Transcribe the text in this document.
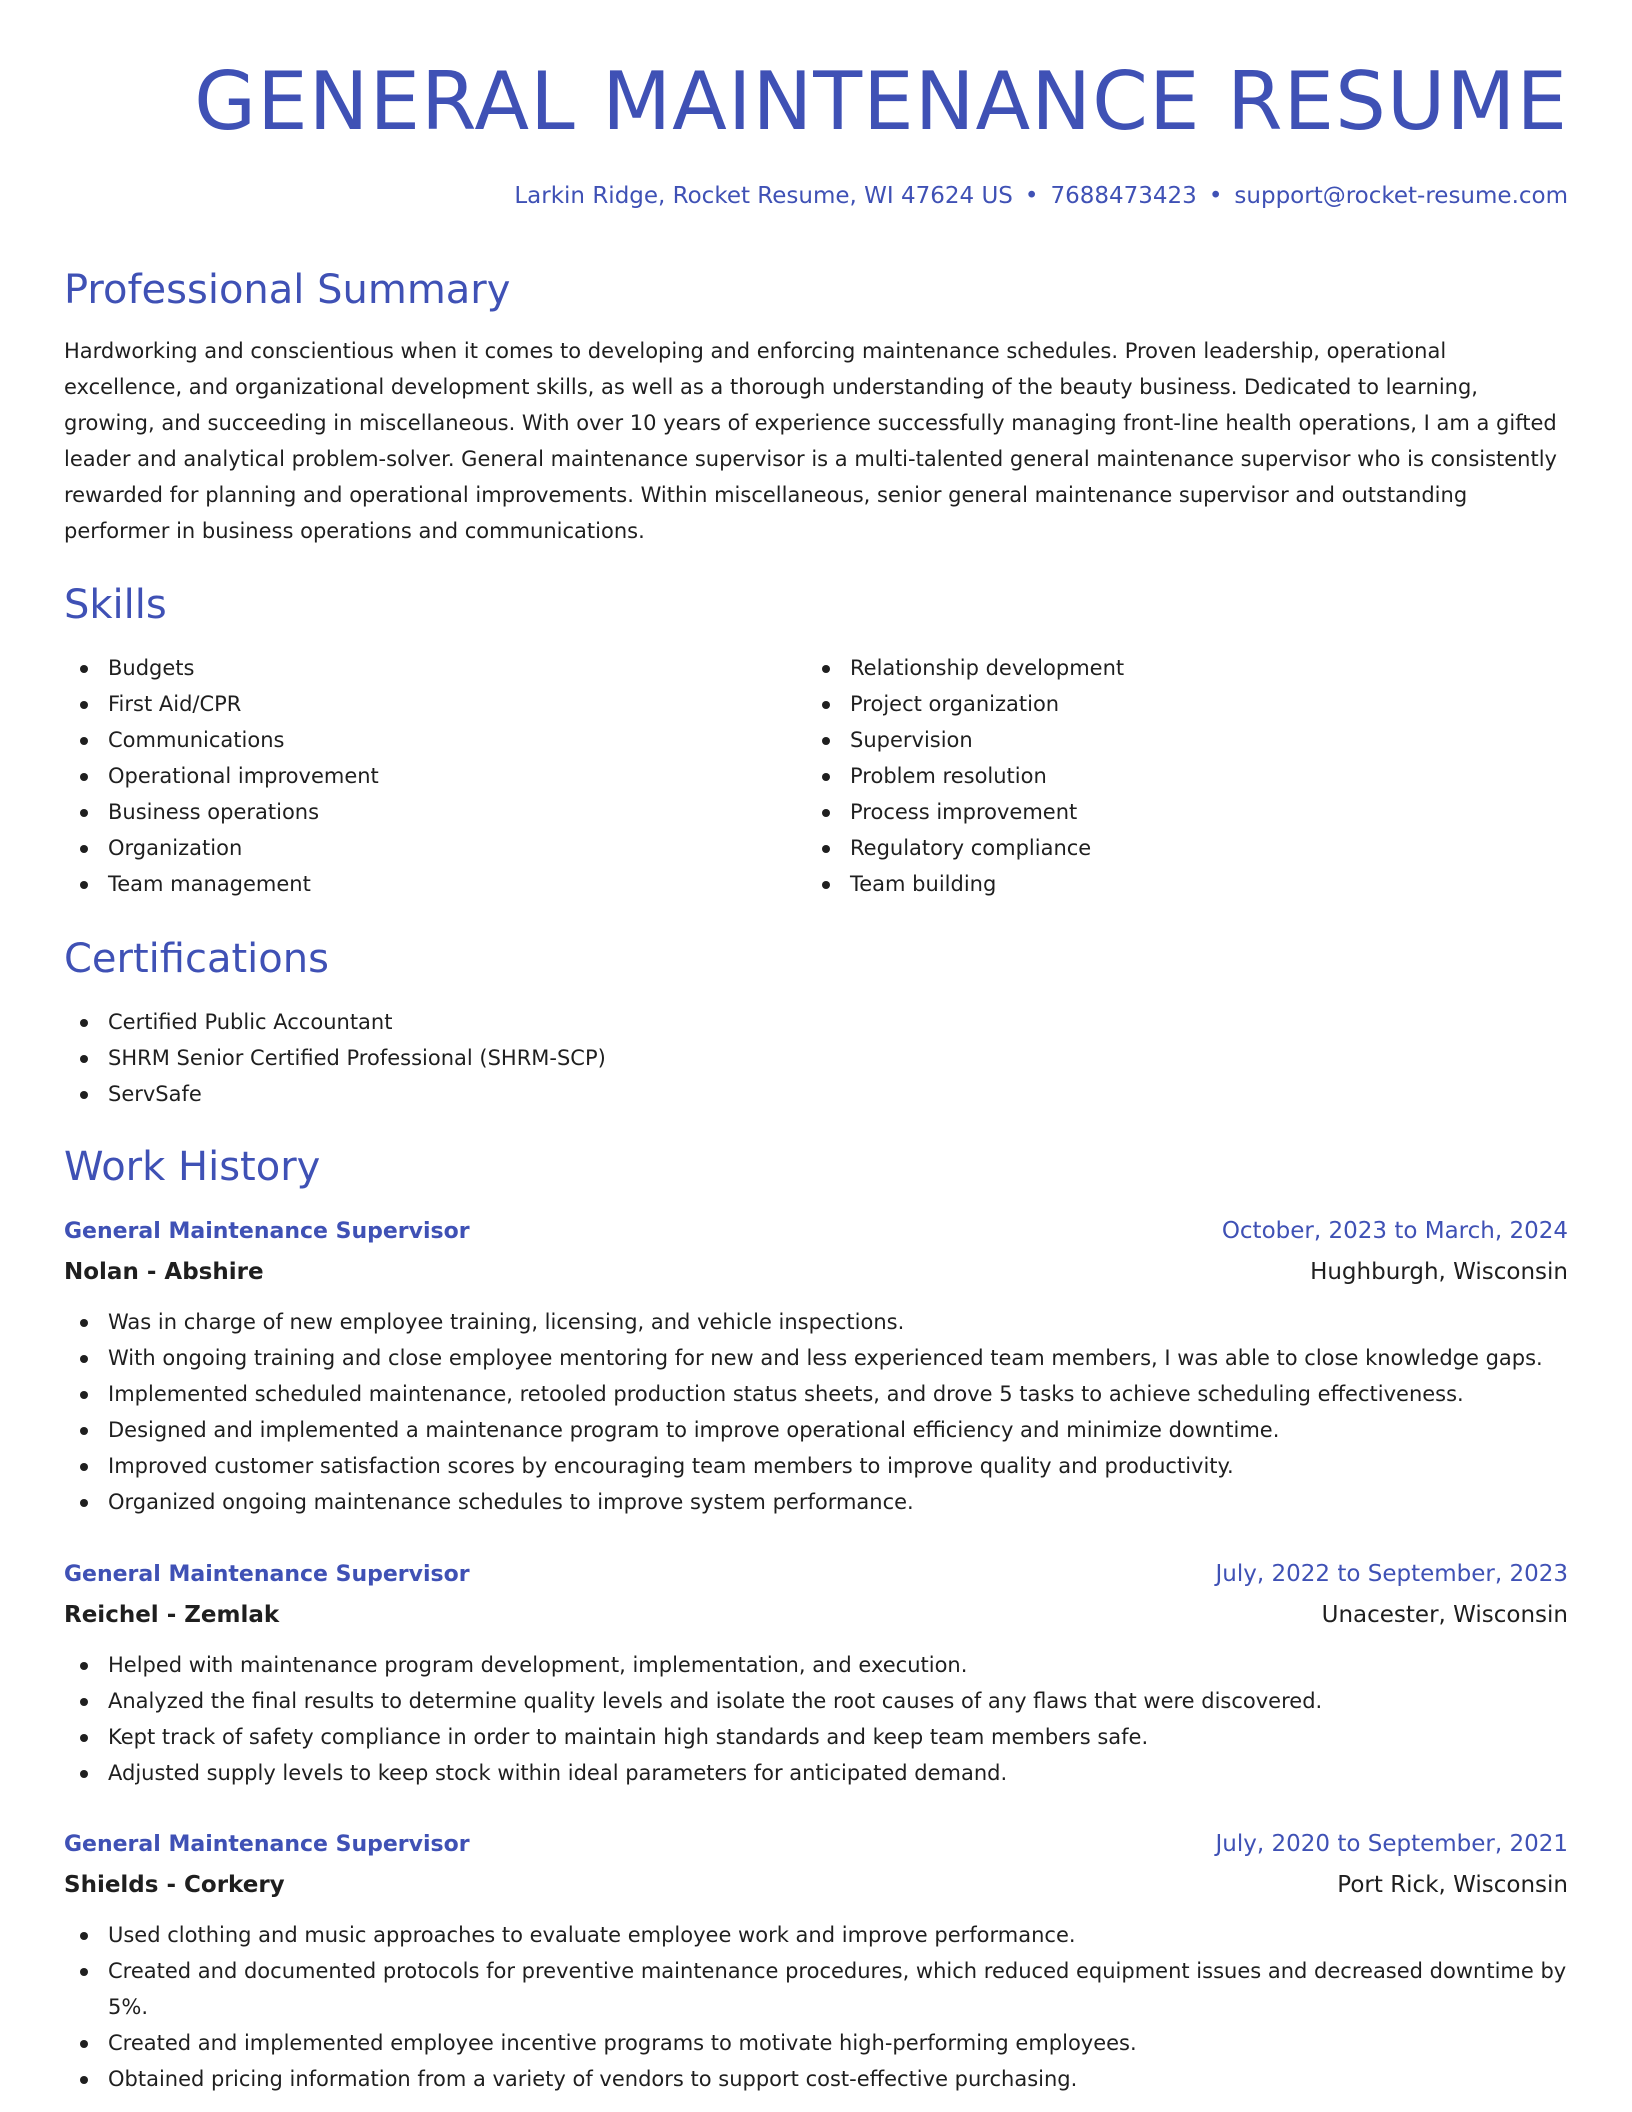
GENERAL MAINTENANCE RESUME
Larkin Ridge, Rocket Resume, WI 47624 US • 7688473423 • support@rocket-resume.com
Professional Summary

Hardworking and conscientious when it comes to developing and enforcing maintenance schedules. Proven leadership, operational excellence, and organizational development skills, as well as a thorough understanding of the beauty business. Dedicated to learning, growing, and succeeding in miscellaneous. With over 10 years of experience successfully managing front-line health operations, I am a gifted leader and analytical problem-solver. General maintenance supervisor is a multi-talented general maintenance supervisor who is consistently rewarded for planning and operational improvements. Within miscellaneous, senior general maintenance supervisor and outstanding performer in business operations and communications.

Skills
Budgets
First Aid/CPR
Communications
Operational improvement
Business operations
Organization
Team management
Relationship development
Project organization
Supervision
Problem resolution
Process improvement
Regulatory compliance
Team building
Certifications
Certified Public Accountant
SHRM Senior Certified Professional (SHRM-SCP)
ServSafe
Work History
General Maintenance Supervisor	October, 2023 to March, 2024
Nolan - Abshire	Hughburgh, Wisconsin
Was in charge of new employee training, licensing, and vehicle inspections.
With ongoing training and close employee mentoring for new and less experienced team members, I was able to close knowledge gaps.
Implemented scheduled maintenance, retooled production status sheets, and drove 5 tasks to achieve scheduling effectiveness.
Designed and implemented a maintenance program to improve operational efficiency and minimize downtime.
Improved customer satisfaction scores by encouraging team members to improve quality and productivity.
Organized ongoing maintenance schedules to improve system performance.
General Maintenance Supervisor	July, 2022 to September, 2023
Reichel - Zemlak	Unacester, Wisconsin
Helped with maintenance program development, implementation, and execution.
Analyzed the final results to determine quality levels and isolate the root causes of any flaws that were discovered.
Kept track of safety compliance in order to maintain high standards and keep team members safe.
Adjusted supply levels to keep stock within ideal parameters for anticipated demand.
General Maintenance Supervisor	July, 2020 to September, 2021
Shields - Corkery	Port Rick, Wisconsin
Used clothing and music approaches to evaluate employee work and improve performance.
Created and documented protocols for preventive maintenance procedures, which reduced equipment issues and decreased downtime by 5%.
Created and implemented employee incentive programs to motivate high-performing employees.
Obtained pricing information from a variety of vendors to support cost-effective purchasing.
